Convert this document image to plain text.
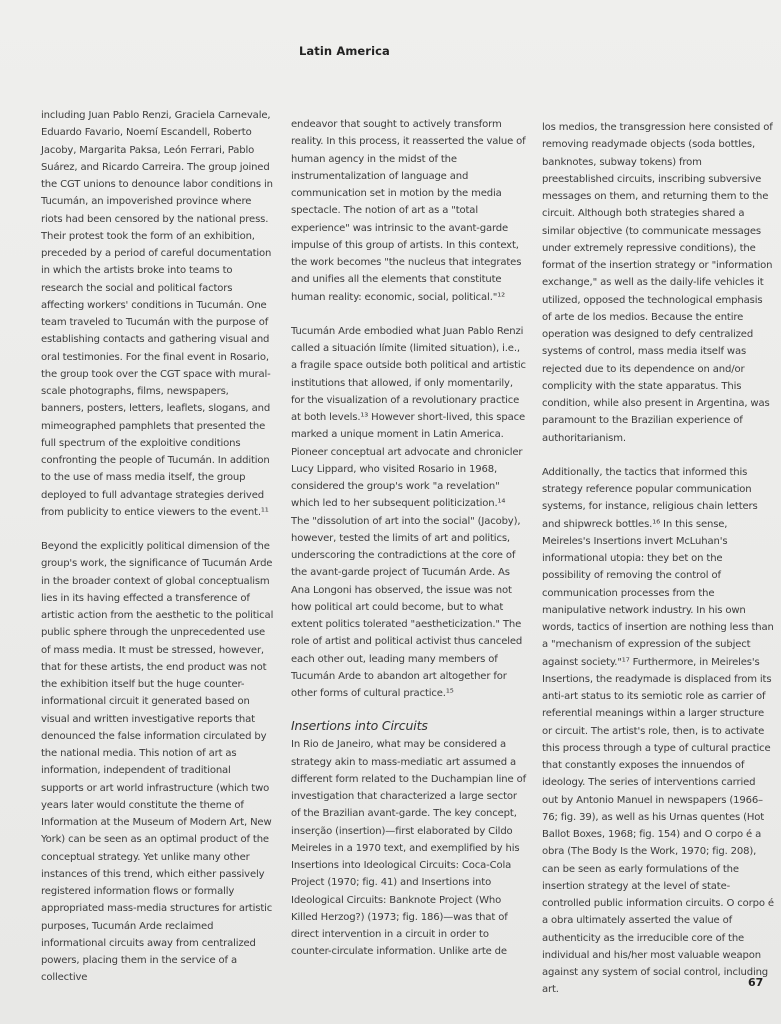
Latin America

including Juan Pablo Renzi, Graciela Carnevale, Eduardo Favario, Noemí Escandell, Roberto Jacoby, Margarita Paksa, León Ferrari, Pablo Suárez, and Ricardo Carreira. The group joined the CGT unions to denounce labor conditions in Tucumán, an impoverished province where riots had been censored by the national press. Their protest took the form of an exhibition, preceded by a period of careful documentation in which the artists broke into teams to research the social and political factors affecting workers' conditions in Tucumán. One team traveled to Tucumán with the purpose of establishing contacts and gathering visual and oral testimonies. For the final event in Rosario, the group took over the CGT space with mural-scale photographs, films, newspapers, banners, posters, letters, leaflets, slogans, and mimeographed pamphlets that presented the full spectrum of the exploitive conditions confronting the people of Tucumán. In addition to the use of mass media itself, the group deployed to full advantage strategies derived from publicity to entice viewers to the event.¹¹

Beyond the explicitly political dimension of the group's work, the significance of Tucumán Arde in the broader context of global conceptualism lies in its having effected a transference of artistic action from the aesthetic to the political public sphere through the unprecedented use of mass media. It must be stressed, however, that for these artists, the end product was not the exhibition itself but the huge counter-informational circuit it generated based on visual and written investigative reports that denounced the false information circulated by the national media. This notion of art as information, independent of traditional supports or art world infrastructure (which two years later would constitute the theme of Information at the Museum of Modern Art, New York) can be seen as an optimal product of the conceptual strategy. Yet unlike many other instances of this trend, which either passively registered information flows or formally appropriated mass-media structures for artistic purposes, Tucumán Arde reclaimed informational circuits away from centralized powers, placing them in the service of a collective

endeavor that sought to actively transform reality. In this process, it reasserted the value of human agency in the midst of the instrumentalization of language and communication set in motion by the media spectacle. The notion of art as a "total experience" was intrinsic to the avant-garde impulse of this group of artists. In this context, the work becomes "the nucleus that integrates and unifies all the elements that constitute human reality: economic, social, political."¹²

Tucumán Arde embodied what Juan Pablo Renzi called a situación límite (limited situation), i.e., a fragile space outside both political and artistic institutions that allowed, if only momentarily, for the visualization of a revolutionary practice at both levels.¹³ However short-lived, this space marked a unique moment in Latin America. Pioneer conceptual art advocate and chronicler Lucy Lippard, who visited Rosario in 1968, considered the group's work "a revelation" which led to her subsequent politicization.¹⁴ The "dissolution of art into the social" (Jacoby), however, tested the limits of art and politics, underscoring the contradictions at the core of the avant-garde project of Tucumán Arde. As Ana Longoni has observed, the issue was not how political art could become, but to what extent politics tolerated "aestheticization." The role of artist and political activist thus canceled each other out, leading many members of Tucumán Arde to abandon art altogether for other forms of cultural practice.¹⁵

Insertions into Circuits

In Rio de Janeiro, what may be considered a strategy akin to mass-mediatic art assumed a different form related to the Duchampian line of investigation that characterized a large sector of the Brazilian avant-garde. The key concept, inserção (insertion)—first elaborated by Cildo Meireles in a 1970 text, and exemplified by his Insertions into Ideological Circuits: Coca-Cola Project (1970; fig. 41) and Insertions into Ideological Circuits: Banknote Project (Who Killed Herzog?) (1973; fig. 186)—was that of direct intervention in a circuit in order to counter-circulate information. Unlike arte de

los medios, the transgression here consisted of removing readymade objects (soda bottles, banknotes, subway tokens) from preestablished circuits, inscribing subversive messages on them, and returning them to the circuit. Although both strategies shared a similar objective (to communicate messages under extremely repressive conditions), the format of the insertion strategy or "information exchange," as well as the daily-life vehicles it utilized, opposed the technological emphasis of arte de los medios. Because the entire operation was designed to defy centralized systems of control, mass media itself was rejected due to its dependence on and/or complicity with the state apparatus. This condition, while also present in Argentina, was paramount to the Brazilian experience of authoritarianism.

Additionally, the tactics that informed this strategy reference popular communication systems, for instance, religious chain letters and shipwreck bottles.¹⁶ In this sense, Meireles's Insertions invert McLuhan's informational utopia: they bet on the possibility of removing the control of communication processes from the manipulative network industry. In his own words, tactics of insertion are nothing less than a "mechanism of expression of the subject against society."¹⁷ Furthermore, in Meireles's Insertions, the readymade is displaced from its anti-art status to its semiotic role as carrier of referential meanings within a larger structure or circuit. The artist's role, then, is to activate this process through a type of cultural practice that constantly exposes the innuendos of ideology. The series of interventions carried out by Antonio Manuel in newspapers (1966–76; fig. 39), as well as his Urnas quentes (Hot Ballot Boxes, 1968; fig. 154) and O corpo é a obra (The Body Is the Work, 1970; fig. 208), can be seen as early formulations of the insertion strategy at the level of state-controlled public information circuits. O corpo é a obra ultimately asserted the value of authenticity as the irreducible core of the individual and his/her most valuable weapon against any system of social control, including art.

67
